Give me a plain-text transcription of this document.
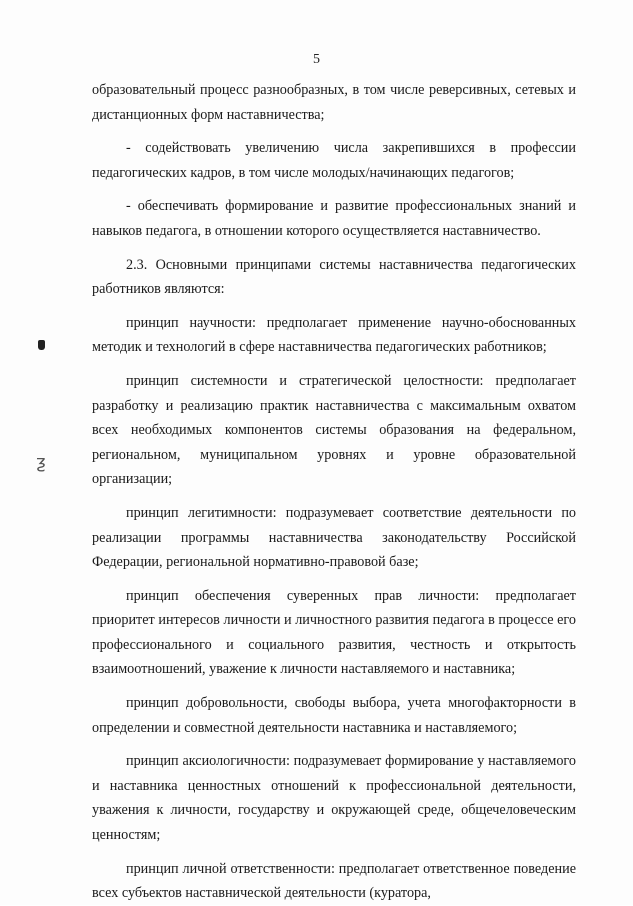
5

образовательный процесс разнообразных, в том числе реверсивных, сетевых и дистанционных форм наставничества;

- содействовать увеличению числа закрепившихся в профессии педагогических кадров, в том числе молодых/начинающих педагогов;

- обеспечивать формирование и развитие профессиональных знаний и навыков педагога, в отношении которого осуществляется наставничество.

2.3. Основными принципами системы наставничества педагогических работников являются:

принцип научности: предполагает применение научно-обоснованных методик и технологий в сфере наставничества педагогических работников;

принцип системности и стратегической целостности: предполагает разработку и реализацию практик наставничества с максимальным охватом всех необходимых компонентов системы образования на федеральном, региональном, муниципальном уровнях и уровне образовательной организации;

принцип легитимности: подразумевает соответствие деятельности по реализации программы наставничества законодательству Российской Федерации, региональной нормативно-правовой базе;

принцип обеспечения суверенных прав личности: предполагает приоритет интересов личности и личностного развития педагога в процессе его профессионального и социального развития, честность и открытость взаимоотношений, уважение к личности наставляемого и наставника;

принцип добровольности, свободы выбора, учета многофакторности в определении и совместной деятельности наставника и наставляемого;

принцип аксиологичности: подразумевает формирование у наставляемого и наставника ценностных отношений к профессиональной деятельности, уважения к личности, государству и окружающей среде, общечеловеческим ценностям;

принцип личной ответственности: предполагает ответственное поведение всех субъектов наставнической деятельности (куратора,

ƺ
